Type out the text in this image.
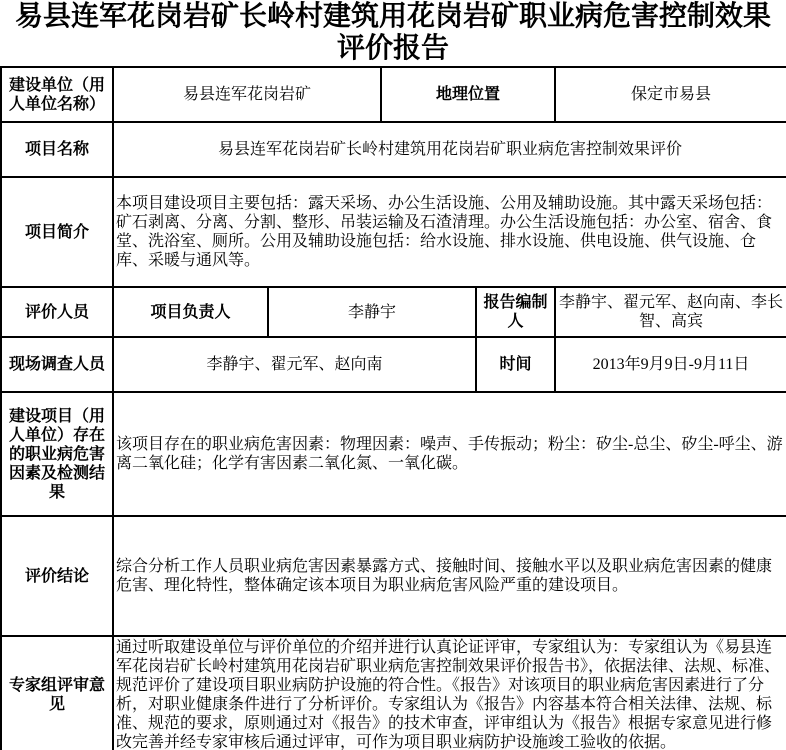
易县连军花岗岩矿长岭村建筑用花岗岩矿职业病危害控制效果评价报告
建设单位（用人单位名称）	易县连军花岗岩矿		地理位置		保定市易县
项目名称	易县连军花岗岩矿长岭村建筑用花岗岩矿职业病危害控制效果评价				
项目简介	本项目建设项目主要包括：露天采场、办公生活设施、公用及辅助设施。其中露天采场包括：矿石剥离、分离、分割、整形、吊装运输及石渣清理。办公生活设施包括：办公室、宿舍、食堂、洗浴室、厕所。公用及辅助设施包括：给水设施、排水设施、供电设施、供气设施、仓库、采暖与通风等。				
评价人员	项目负责人	李静宇		报告编制人	李静宇、翟元军、赵向南、李长智、高宾
现场调查人员	李静宇、翟元军、赵向南			时间	2013年9月9日-9月11日
建设项目（用人单位）存在的职业病危害因素及检测结果	该项目存在的职业病危害因素：物理因素：噪声、手传振动；粉尘：矽尘-总尘、矽尘-呼尘、游离二氧化硅；化学有害因素二氧化氮、一氧化碳。				
评价结论	综合分析工作人员职业病危害因素暴露方式、接触时间、接触水平以及职业病危害因素的健康危害、理化特性，整体确定该本项目为职业病危害风险严重的建设项目。				
专家组评审意见	通过听取建设单位与评价单位的介绍并进行认真论证评审，专家组认为：专家组认为《易县连军花岗岩矿长岭村建筑用花岗岩矿职业病危害控制效果评价报告书》，依据法律、法规、标准、规范评价了建设项目职业病防护设施的符合性。《报告》对该项目的职业病危害因素进行了分析，对职业健康条件进行了分析评价。专家组认为《报告》内容基本符合相关法律、法规、标准、规范的要求，原则通过对《报告》的技术审查，评审组认为《报告》根据专家意见进行修改完善并经专家审核后通过评审，可作为项目职业病防护设施竣工验收的依据。				
